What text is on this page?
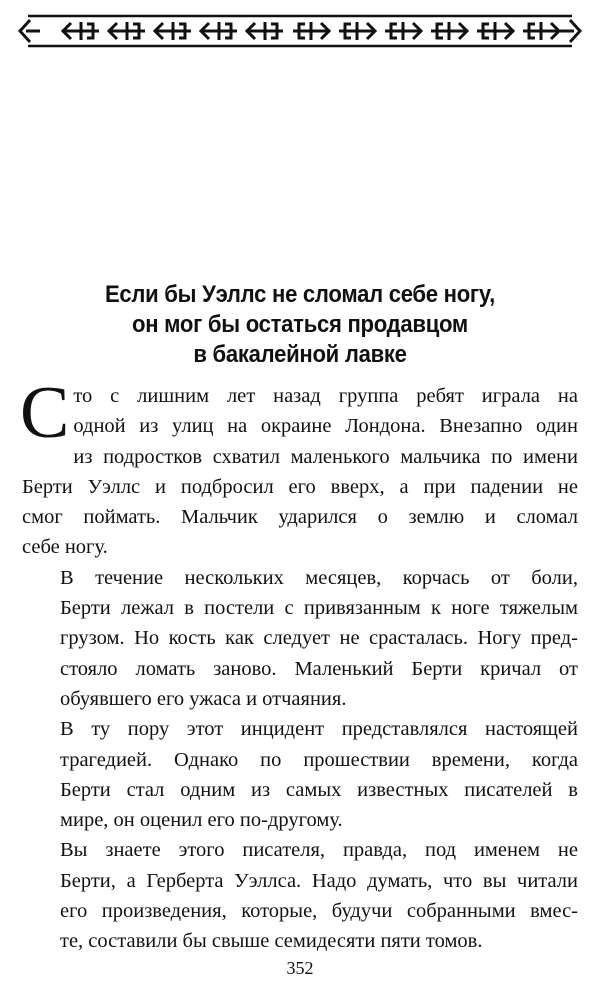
Если бы Уэллс не сломал себе ногу,
он мог бы остаться продавцом
в бакалейной лавке

С то с лишним лет назад группа ребят играла на
одной из улиц на окраине Лондона. Внезапно один
из подростков схватил маленького мальчика по имени
Берти Уэллс и подбросил его вверх, а при падении не
смог поймать. Мальчик ударился о землю и сломал
себе ногу.

В течение нескольких месяцев, корчась от боли,
Берти лежал в постели с привязанным к ноге тяжелым
грузом. Но кость как следует не срасталась. Ногу пред-
стояло ломать заново. Маленький Берти кричал от
обуявшего его ужаса и отчаяния.

В ту пору этот инцидент представлялся настоящей
трагедией. Однако по прошествии времени, когда
Берти стал одним из самых известных писателей в
мире, он оценил его по-другому.

Вы знаете этого писателя, правда, под именем не
Берти, а Герберта Уэллса. Надо думать, что вы читали
его произведения, которые, будучи собранными вмес-
те, составили бы свыше семидесяти пяти томов.

352
